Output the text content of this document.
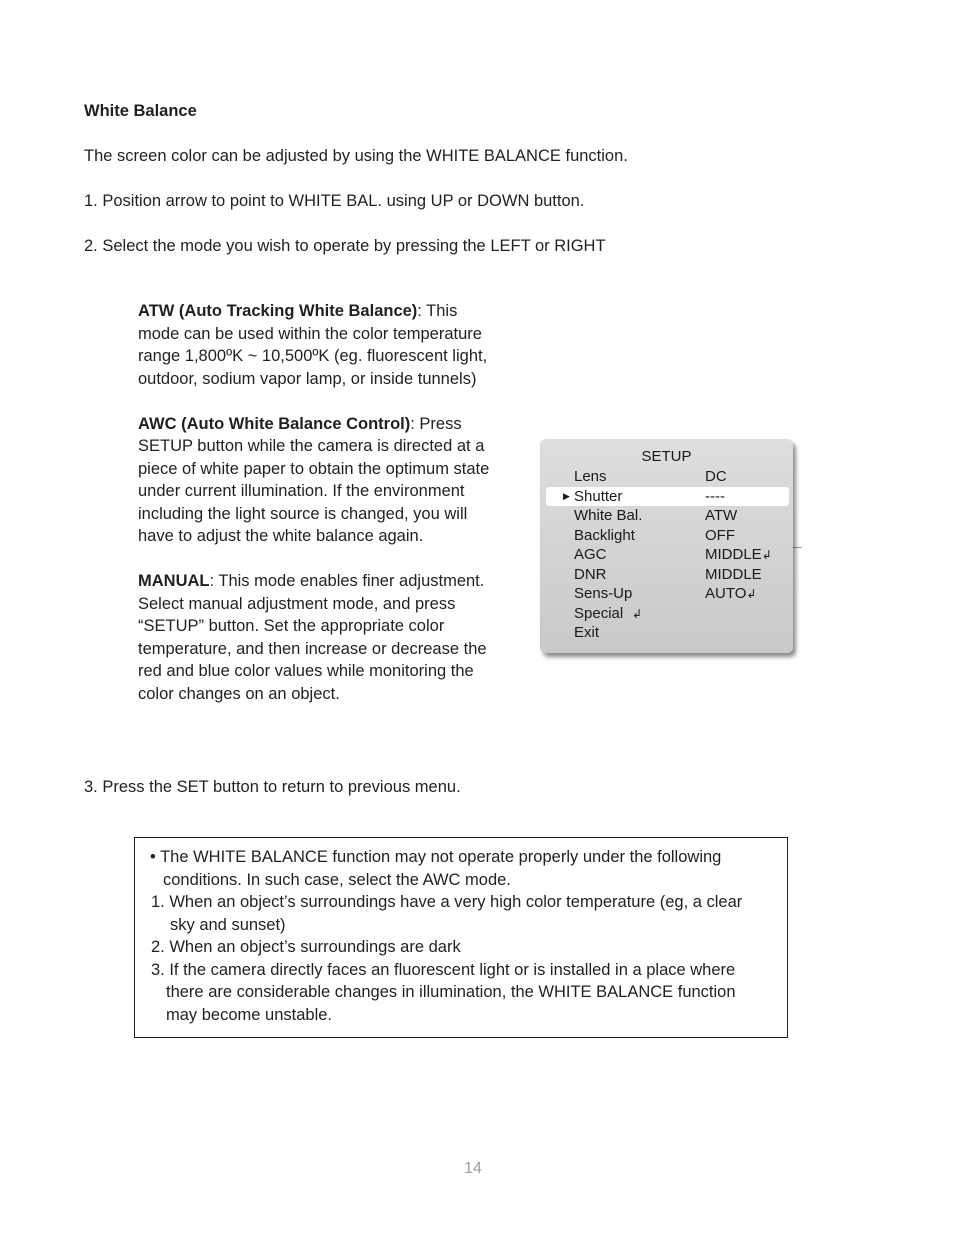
White Balance

The screen color can be adjusted by using the WHITE BALANCE function.

1. Position arrow to point to WHITE BAL. using UP or DOWN button.

2. Select the mode you wish to operate by pressing the LEFT or RIGHT

ATW (Auto Tracking White Balance): This mode can be used within the color temperature range 1,800ºK ~ 10,500ºK (eg. fluorescent light, outdoor, sodium vapor lamp, or inside tunnels)

AWC (Auto White Balance Control): Press SETUP button while the camera is directed at a piece of white paper to obtain the optimum state under current illumination. If the environment including the light source is changed, you will have to adjust the white balance again.

MANUAL: This mode enables finer adjustment. Select manual adjustment mode, and press “SETUP” button. Set the appropriate color temperature, and then increase or decrease the red and blue color values while monitoring the color changes on an object.

SETUP
Lens	DC
▶ Shutter	----
White Bal.	ATW
Backlight	OFF
AGC	MIDDLE↲
DNR	MIDDLE
Sens-Up	AUTO↲
Special ↲
Exit

3. Press the SET button to return to previous menu.

• The WHITE BALANCE function may not operate properly under the following
conditions. In such case, select the AWC mode.
1. When an object’s surroundings have a very high color temperature (eg, a clear
sky and sunset)
2. When an object’s surroundings are dark
3. If the camera directly faces an fluorescent light or is installed in a place where
there are considerable changes in illumination, the WHITE BALANCE function
may become unstable.
14
